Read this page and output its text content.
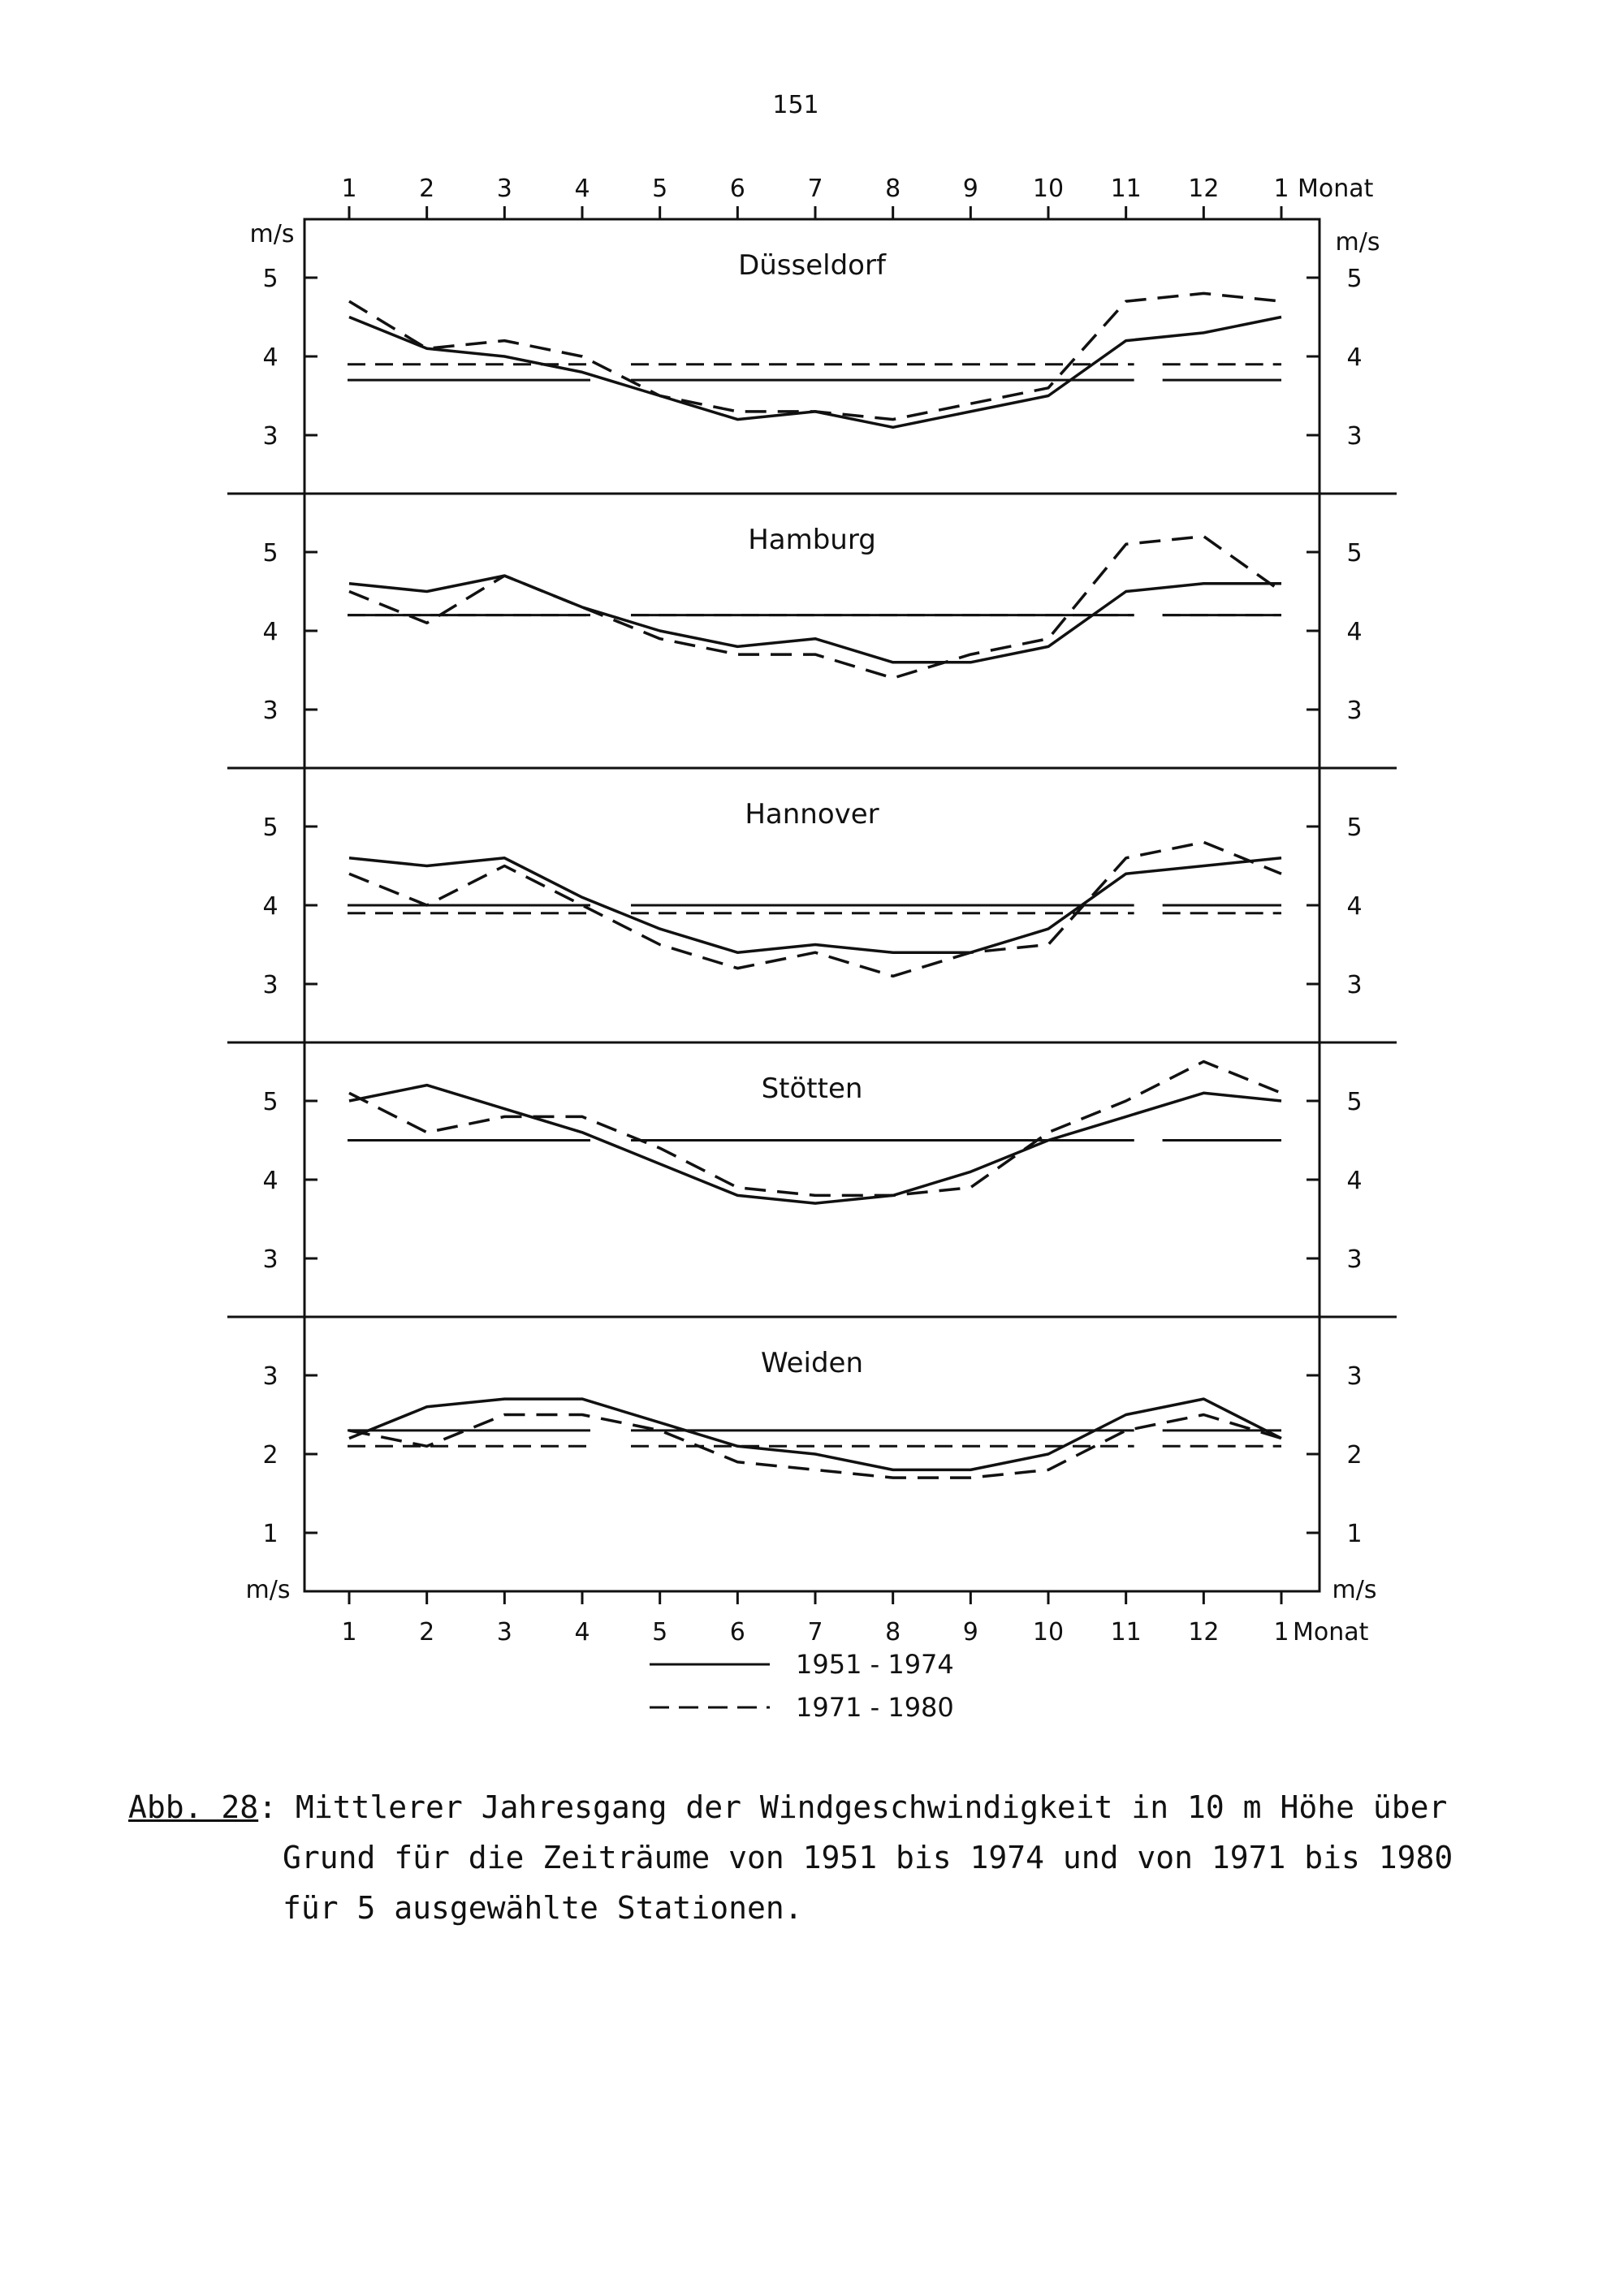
151
1	2	3	4	5	6	7	8	9 10 11 12 1 Monat
1	2	3	4	5	6	7	8	9 10 11 12 1 Monat
m/s	m/s
m/s	m/s
Düsseldorf
3	3
4	4
5	5
Hamburg
3	3
4	4
5	5
Hannover
3	3
4	4
5	5
Stötten
3	3
4	4
5	5
Weiden
1	1
2	2
3	3
1951 - 1974
1971 - 1980
Abb. 28: Mittlerer Jahresgang der Windgeschwindigkeit in 10 m Höhe über
Grund für die Zeiträume von 1951 bis 1974 und von 1971 bis 1980
für 5 ausgewählte Stationen.
